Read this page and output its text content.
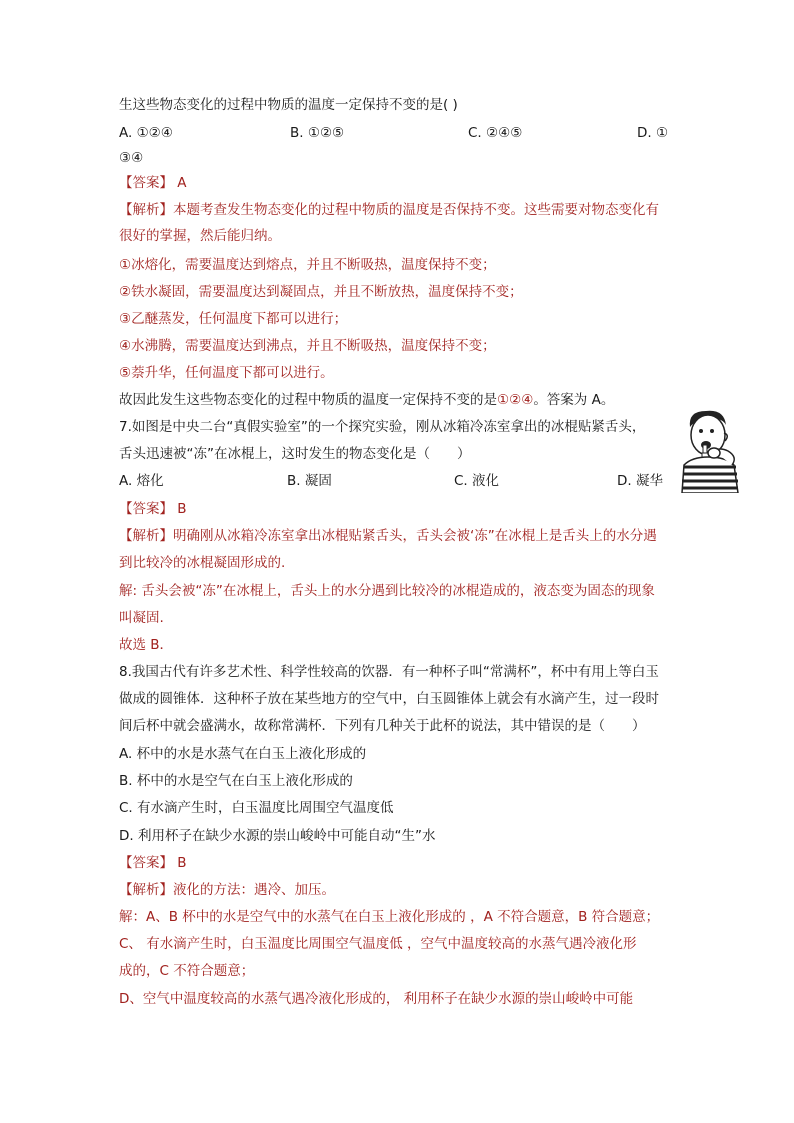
生这些物态变化的过程中物质的温度一定保持不变的是( )
A. ①②④	B. ①②⑤	C. ②④⑤	D. ①
③④
【答案】 A
【解析】本题考查发生物态变化的过程中物质的温度是否保持不变。这些需要对物态变化有
很好的掌握，然后能归纳。
①冰熔化，需要温度达到熔点，并且不断吸热，温度保持不变；
②铁水凝固，需要温度达到凝固点，并且不断放热，温度保持不变；
③乙醚蒸发，任何温度下都可以进行；
④水沸腾，需要温度达到沸点，并且不断吸热，温度保持不变；
⑤萘升华，任何温度下都可以进行。
故因此发生这些物态变化的过程中物质的温度一定保持不变的是①②④。答案为 A。
7.如图是中央二台“真假实验室”的一个探究实验，刚从冰箱冷冻室拿出的冰棍贴紧舌头，
舌头迅速被“冻”在冰棍上，这时发生的物态变化是（　　）
A. 熔化	B. 凝固	C. 液化	D. 凝华
【答案】 B
【解析】明确刚从冰箱冷冻室拿出冰棍贴紧舌头，舌头会被‘冻”在冰棍上是舌头上的水分遇
到比较冷的冰棍凝固形成的.
解: 舌头会被“冻”在冰棍上，舌头上的水分遇到比较冷的冰棍造成的，液态变为固态的现象
叫凝固.
故选 B．
8.我国古代有许多艺术性、科学性较高的饮器．有一种杯子叫“常满杯”，杯中有用上等白玉
做成的圆锥体．这种杯子放在某些地方的空气中，白玉圆锥体上就会有水滴产生，过一段时
间后杯中就会盛满水，故称常满杯．下列有几种关于此杯的说法，其中错误的是（　　）
A. 杯中的水是水蒸气在白玉上液化形成的
B. 杯中的水是空气在白玉上液化形成的
C. 有水滴产生时，白玉温度比周围空气温度低
D. 利用杯子在缺少水源的崇山峻岭中可能自动“生”水
【答案】 B
【解析】液化的方法：遇冷、加压。
解：A、B 杯中的水是空气中的水蒸气在白玉上液化形成的 ，A 不符合题意，B 符合题意；
C、 有水滴产生时，白玉温度比周围空气温度低 ，空气中温度较高的水蒸气遇冷液化形
成的，C 不符合题意；
D、空气中温度较高的水蒸气遇冷液化形成的， 利用杯子在缺少水源的崇山峻岭中可能
